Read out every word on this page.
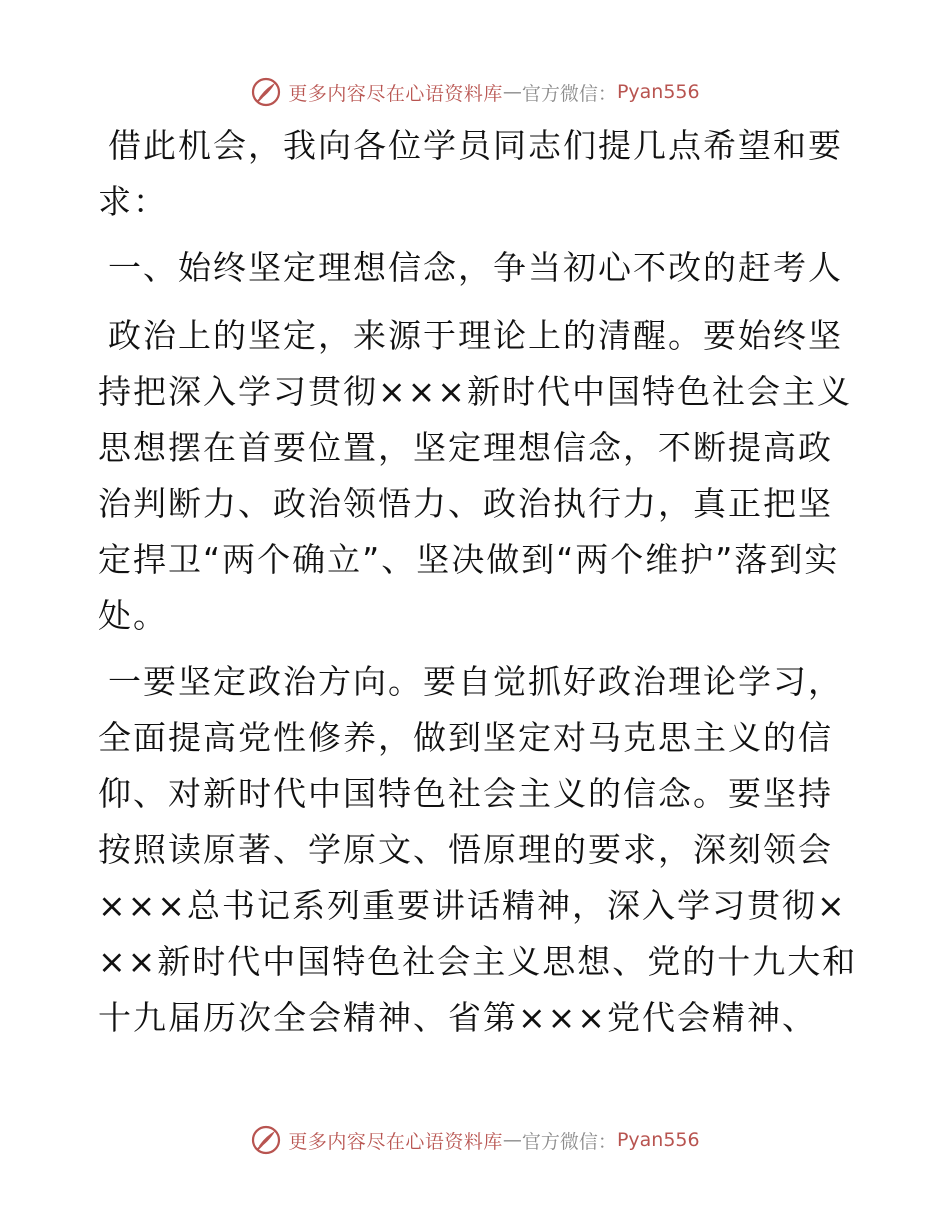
更多内容尽在心语资料库 — 官方微信： Pyan556

借此机会，我向各位学员同志们提几点希望和要求：

一、始终坚定理想信念，争当初心不改的赶考人

政治上的坚定，来源于理论上的清醒。要始终坚持把深入学习贯彻×××新时代中国特色社会主义思想摆在首要位置，坚定理想信念，不断提高政治判断力、政治领悟力、政治执行力，真正把坚定捍卫“两个确立”、坚决做到“两个维护”落到实处。

一要坚定政治方向。要自觉抓好政治理论学习，全面提高党性修养，做到坚定对马克思主义的信仰、对新时代中国特色社会主义的信念。要坚持按照读原著、学原文、悟原理的要求，深刻领会×××总书记系列重要讲话精神，深入学习贯彻×××新时代中国特色社会主义思想、党的十九大和十九届历次全会精神、省第×××党代会精神、

更多内容尽在心语资料库 — 官方微信： Pyan556
